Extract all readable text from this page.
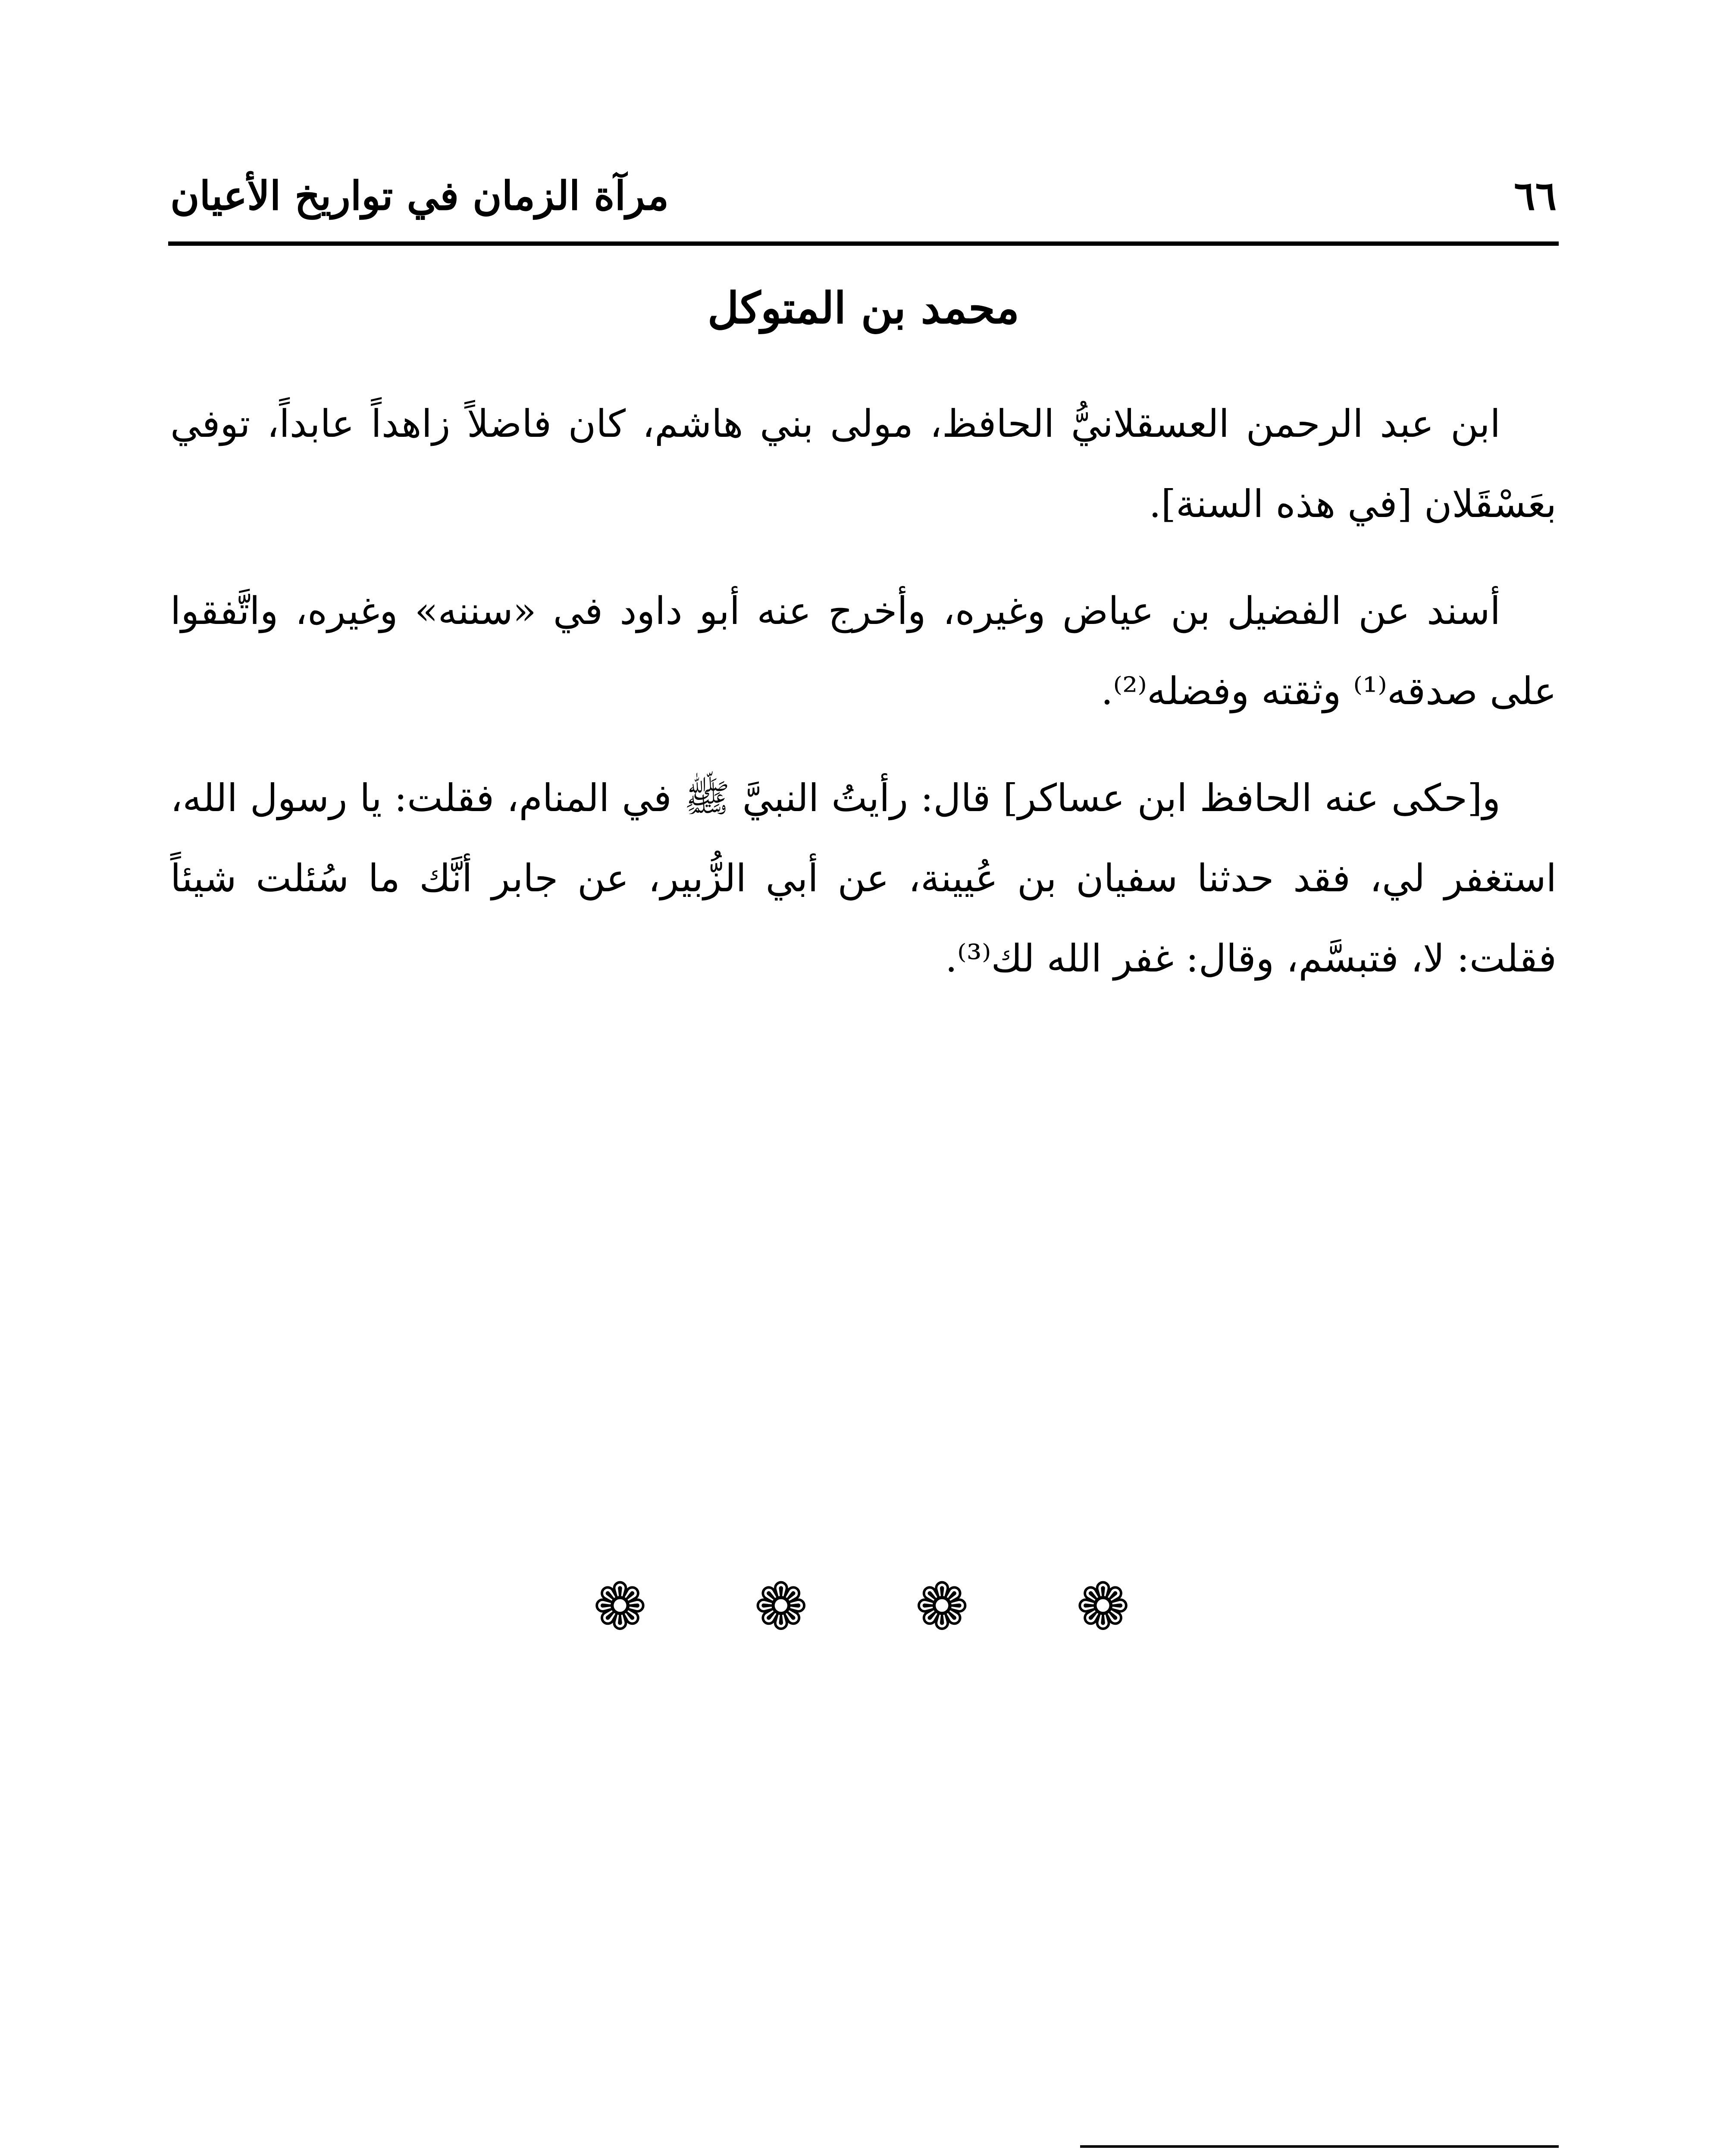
٦٦
مرآة الزمان في تواريخ الأعيان
محمد بن المتوكل

ابن عبد الرحمن العسقلانيُّ الحافظ، مولى بني هاشم، كان فاضلاً زاهداً عابداً، توفي بعَسْقَلان [في هذه السنة].

أسند عن الفضيل بن عياض وغيره، وأخرج عنه أبو داود في «سننه» وغيره، واتَّفقوا على صدقه⁽¹⁾ وثقته وفضله⁽²⁾.

و[حكى عنه الحافظ ابن عساكر] قال: رأيتُ النبيَّ ﷺ في المنام، فقلت: يا رسول الله، استغفر لي، فقد حدثنا سفيان بن عُيينة، عن أبي الزُّبير، عن جابر أنَّك ما سُئلت شيئاً فقلت: لا، فتبسَّم، وقال: غفر الله لك⁽³⁾.

❁ ❁ ❁ ❁
